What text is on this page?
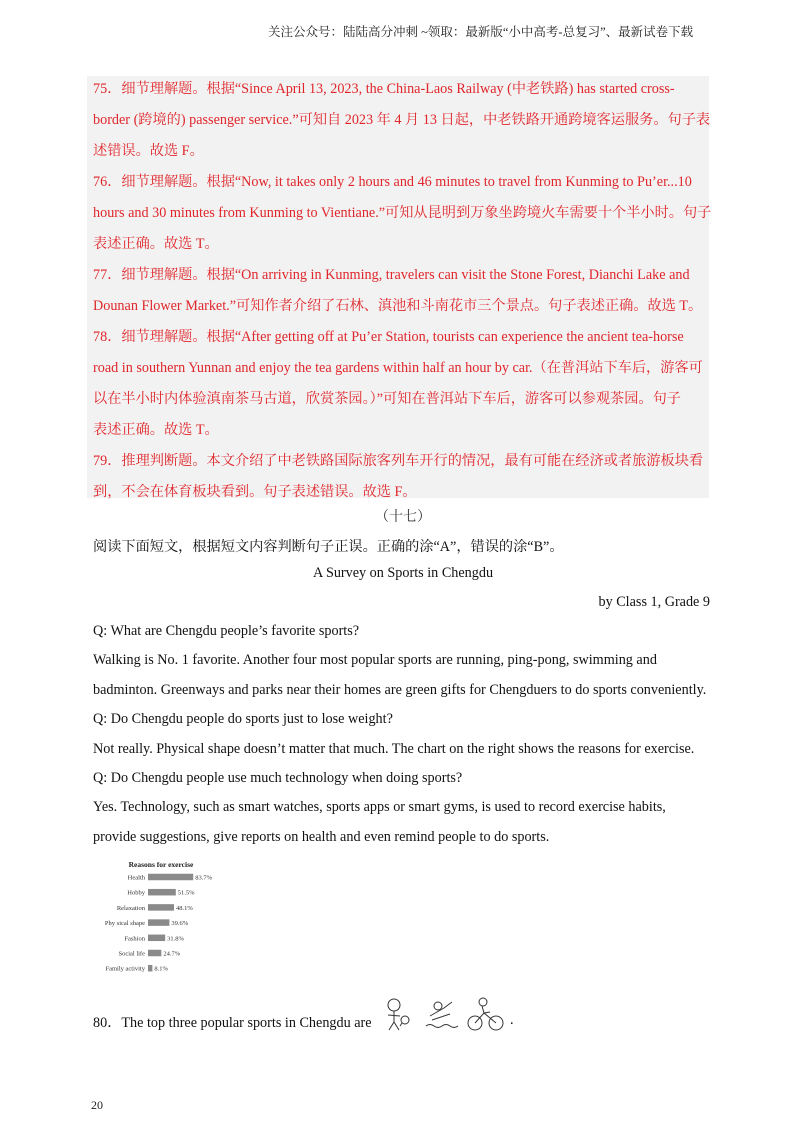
关注公众号：陆陆高分冲刺 ~领取：最新版“小中高考-总复习”、最新试卷下载
75．细节理解题。根据“Since April 13, 2023, the China-Laos Railway (中老铁路) has started cross-
border (跨境的) passenger service.”可知自 2023 年 4 月 13 日起，中老铁路开通跨境客运服务。句子表
述错误。故选 F。
76．细节理解题。根据“Now, it takes only 2 hours and 46 minutes to travel from Kunming to Pu’er...10
hours and 30 minutes from Kunming to Vientiane.”可知从昆明到万象坐跨境火车需要十个半小时。句子
表述正确。故选 T。
77．细节理解题。根据“On arriving in Kunming, travelers can visit the Stone Forest, Dianchi Lake and
Dounan Flower Market.”可知作者介绍了石林、滇池和斗南花市三个景点。句子表述正确。故选 T。
78．细节理解题。根据“After getting off at Pu’er Station, tourists can experience the ancient tea-horse
road in southern Yunnan and enjoy the tea gardens within half an hour by car.（在普洱站下车后，游客可
以在半小时内体验滇南茶马古道，欣赏茶园。）”可知在普洱站下车后，游客可以参观茶园。句子
表述正确。故选 T。
79．推理判断题。本文介绍了中老铁路国际旅客列车开行的情况，最有可能在经济或者旅游板块看
到，不会在体育板块看到。句子表述错误。故选 F。
（十七）
阅读下面短文，根据短文内容判断句子正误。正确的涂“A”，错误的涂“B”。
A Survey on Sports in Chengdu
by Class 1, Grade 9
Q: What are Chengdu people’s favorite sports?
Walking is No. 1 favorite. Another four most popular sports are running, ping-pong, swimming and
badminton. Greenways and parks near their homes are green gifts for Chengduers to do sports conveniently.
Q: Do Chengdu people do sports just to lose weight?
Not really. Physical shape doesn’t matter that much. The chart on the right shows the reasons for exercise.
Q: Do Chengdu people use much technology when doing sports?
Yes. Technology, such as smart watches, sports apps or smart gyms, is used to record exercise habits,
provide suggestions, give reports on health and even remind people to do sports.
Reasons for exercise
Health	83.7%
Hobby	51.5%
Relaxation	48.1%
Phy sical shape	39.6%
Fashion	31.8%
Social life	24.7%
Family activity 8.1%
80．The top three popular sports in Chengdu are	.
20
